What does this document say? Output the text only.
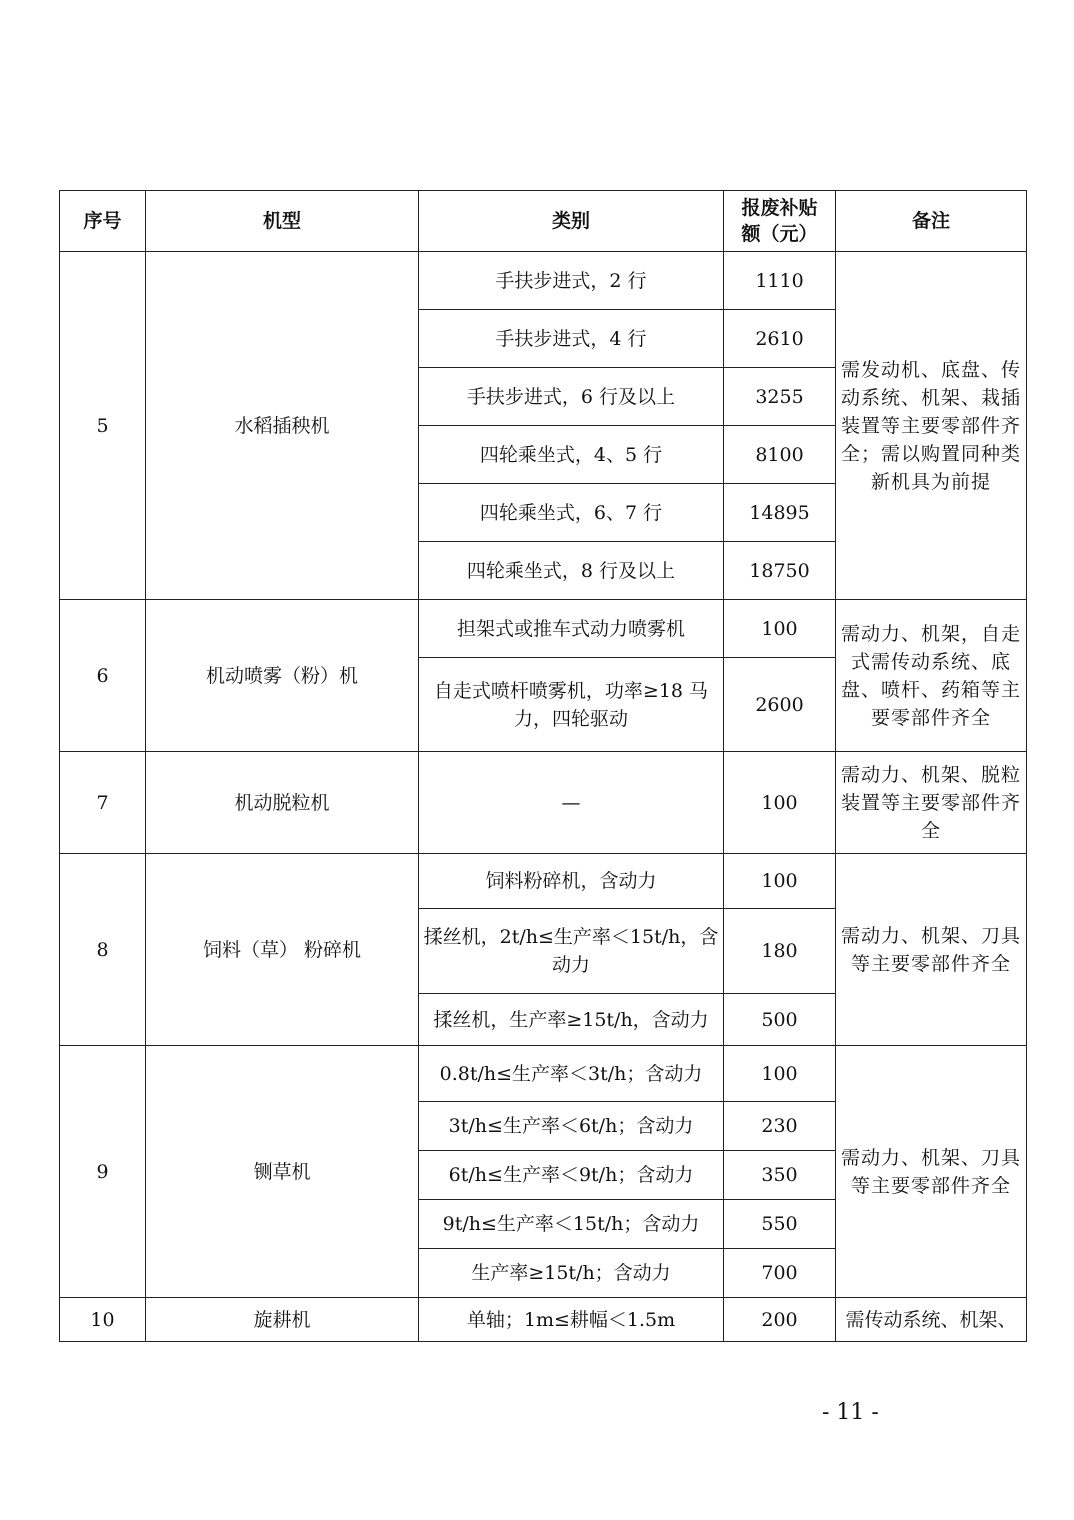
序号	机型	类别	报废补贴额（元）	备注
5	水稻插秧机	手扶步进式，2 行	1110	需发动机、底盘、传动系统、机架、栽插装置等主要零部件齐全；需以购置同种类新机具为前提
		手扶步进式，4 行	2610	
		手扶步进式，6 行及以上	3255	
		四轮乘坐式，4、5 行	8100	
		四轮乘坐式，6、7 行	14895	
		四轮乘坐式，8 行及以上	18750	
6	机动喷雾（粉）机	担架式或推车式动力喷雾机	100	需动力、机架，自走式需传动系统、底盘、喷杆、药箱等主要零部件齐全
		自走式喷杆喷雾机，功率≥18 马力，四轮驱动	2600	
7	机动脱粒机	—	100	需动力、机架、脱粒装置等主要零部件齐全
8	饲料（草） 粉碎机	饲料粉碎机，含动力	100	需动力、机架、刀具等主要零部件齐全
		揉丝机，2t/h≤生产率＜15t/h，含动力	180	
		揉丝机，生产率≥15t/h，含动力	500	
9	铡草机	0.8t/h≤生产率＜3t/h；含动力	100	需动力、机架、刀具等主要零部件齐全
		3t/h≤生产率＜6t/h；含动力	230	
		6t/h≤生产率＜9t/h；含动力	350	
		9t/h≤生产率＜15t/h；含动力	550	
		生产率≥15t/h；含动力	700	
10	旋耕机	单轴；1m≤耕幅＜1.5m	200	需传动系统、机架、
- 11 -
